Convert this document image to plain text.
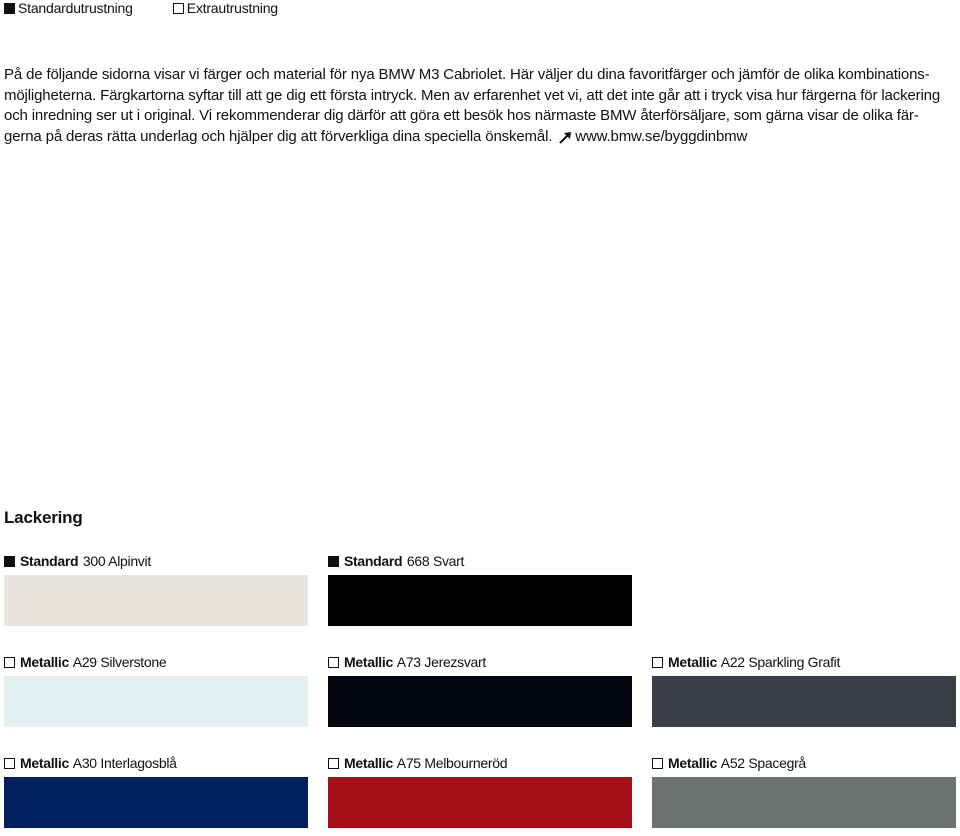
Standardutrustning	Extrautrustning

På de följande sidorna visar vi färger och material för nya BMW M3 Cabriolet. Här väljer du dina favoritfärger och jämför de olika kombinations-möjligheterna. Färgkartorna syftar till att ge dig ett första intryck. Men av erfarenhet vet vi, att det inte går att i tryck visa hur färgerna för lackering och inredning ser ut i original. Vi rekommenderar dig därför att göra ett besök hos närmaste BMW återförsäljare, som gärna visar de olika fär-gerna på deras rätta underlag och hjälper dig att förverkliga dina speciella önskemål. www.bmw.se/byggdinbmw

Lackering
Standard 300 Alpinvit	Standard 668 Svart
Metallic A29 Silverstone	Metallic A73 Jerezsvart	Metallic A22 Sparkling Grafit
Metallic A30 Interlagosblå	Metallic A75 Melbourneröd	Metallic A52 Spacegrå
